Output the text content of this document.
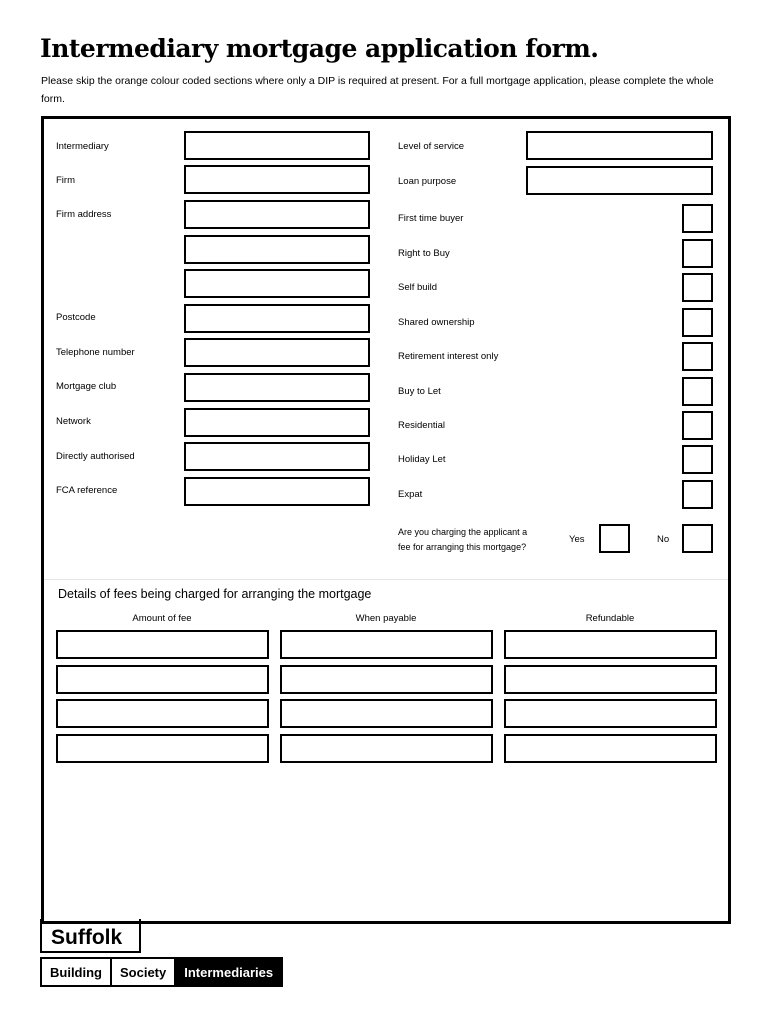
Intermediary mortgage application form.

Please skip the orange colour coded sections where only a DIP is required at present. For a full mortgage application, please complete the whole form.

Intermediary
Firm
Firm address
Postcode
Telephone number
Mortgage club
Network
Directly authorised
FCA reference
Level of service
Loan purpose
First time buyer
Right to Buy
Self build
Shared ownership
Retirement interest only
Buy to Let
Residential
Holiday Let
Expat
Are you charging the applicant a
fee for arranging this mortgage?
Yes	No
Details of fees being charged for arranging the mortgage
Amount of fee	When payable	Refundable
Suffolk
Building	Society	Intermediaries
